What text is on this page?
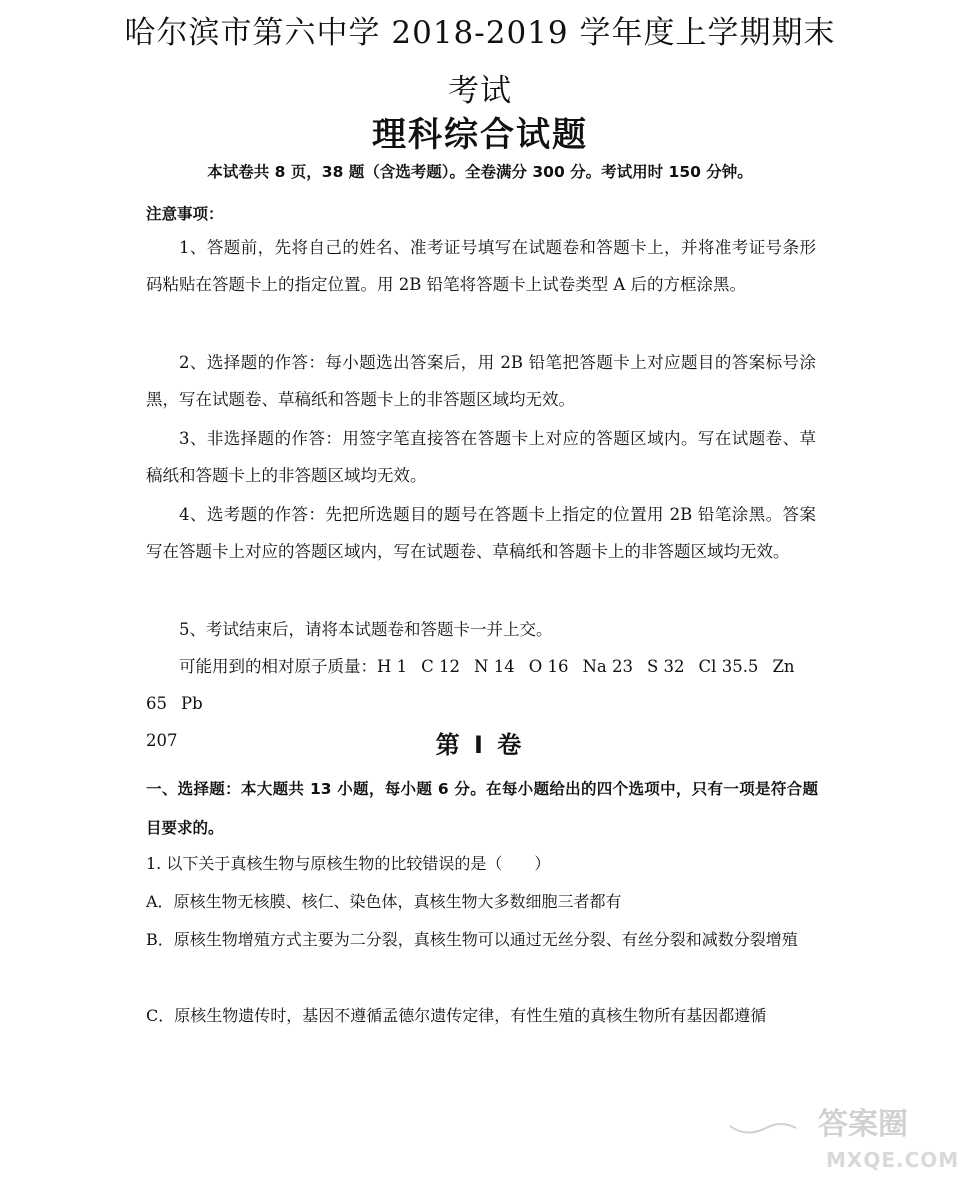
哈尔滨市第六中学 2018-2019 学年度上学期期末考试
理科综合试题

本试卷共 8 页，38 题（含选考题）。全卷满分 300 分。考试用时 150 分钟。

注意事项：

1、答题前，先将自己的姓名、准考证号填写在试题卷和答题卡上，并将准考证号条形码粘贴在答题卡上的指定位置。用 2B 铅笔将答题卡上试卷类型 A 后的方框涂黑。

2、选择题的作答：每小题选出答案后，用 2B 铅笔把答题卡上对应题目的答案标号涂黑，写在试题卷、草稿纸和答题卡上的非答题区域均无效。

3、非选择题的作答：用签字笔直接答在答题卡上对应的答题区域内。写在试题卷、草稿纸和答题卡上的非答题区域均无效。

4、选考题的作答：先把所选题目的题号在答题卡上指定的位置用 2B 铅笔涂黑。答案写在答题卡上对应的答题区域内，写在试题卷、草稿纸和答题卡上的非答题区域均无效。

5、考试结束后，请将本试题卷和答题卡一并上交。

可能用到的相对原子质量：H 1 C 12 N 14 O 16 Na 23 S 32 Cl 35.5 Zn 65 Pb
207	第 I 卷

一、选择题：本大题共 13 小题，每小题 6 分。在每小题给出的四个选项中，只有一项是符合题目要求的。

1. 以下关于真核生物与原核生物的比较错误的是（　　）

A．原核生物无核膜、核仁、染色体，真核生物大多数细胞三者都有

B．原核生物增殖方式主要为二分裂，真核生物可以通过无丝分裂、有丝分裂和减数分裂增殖

C．原核生物遗传时，基因不遵循孟德尔遗传定律，有性生殖的真核生物所有基因都遵循

答案圈
MXQE.COM
